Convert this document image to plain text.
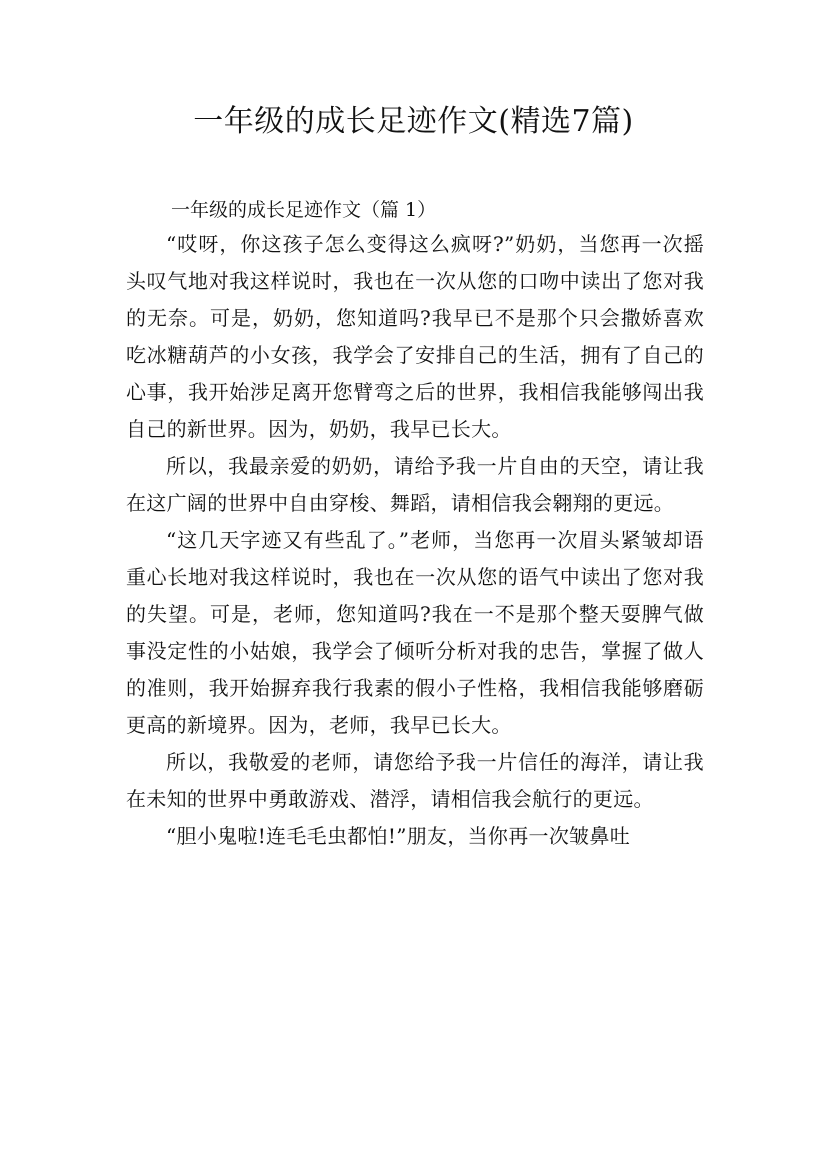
一年级的成长足迹作文(精选7篇)

一年级的成长足迹作文（篇 1）

“哎呀，你这孩子怎么变得这么疯呀?”奶奶，当您再一次摇头叹气地对我这样说时，我也在一次从您的口吻中读出了您对我的无奈。可是，奶奶，您知道吗?我早已不是那个只会撒娇喜欢吃冰糖葫芦的小女孩，我学会了安排自己的生活，拥有了自己的心事，我开始涉足离开您臂弯之后的世界，我相信我能够闯出我自己的新世界。因为，奶奶，我早已长大。

所以，我最亲爱的奶奶，请给予我一片自由的天空，请让我在这广阔的世界中自由穿梭、舞蹈，请相信我会翱翔的更远。

“这几天字迹又有些乱了。”老师，当您再一次眉头紧皱却语重心长地对我这样说时，我也在一次从您的语气中读出了您对我的失望。可是，老师，您知道吗?我在一不是那个整天耍脾气做事没定性的小姑娘，我学会了倾听分析对我的忠告，掌握了做人的准则，我开始摒弃我行我素的假小子性格，我相信我能够磨砺更高的新境界。因为，老师，我早已长大。

所以，我敬爱的老师，请您给予我一片信任的海洋，请让我在未知的世界中勇敢游戏、潜浮，请相信我会航行的更远。

“胆小鬼啦!连毛毛虫都怕!”朋友，当你再一次皱鼻吐
